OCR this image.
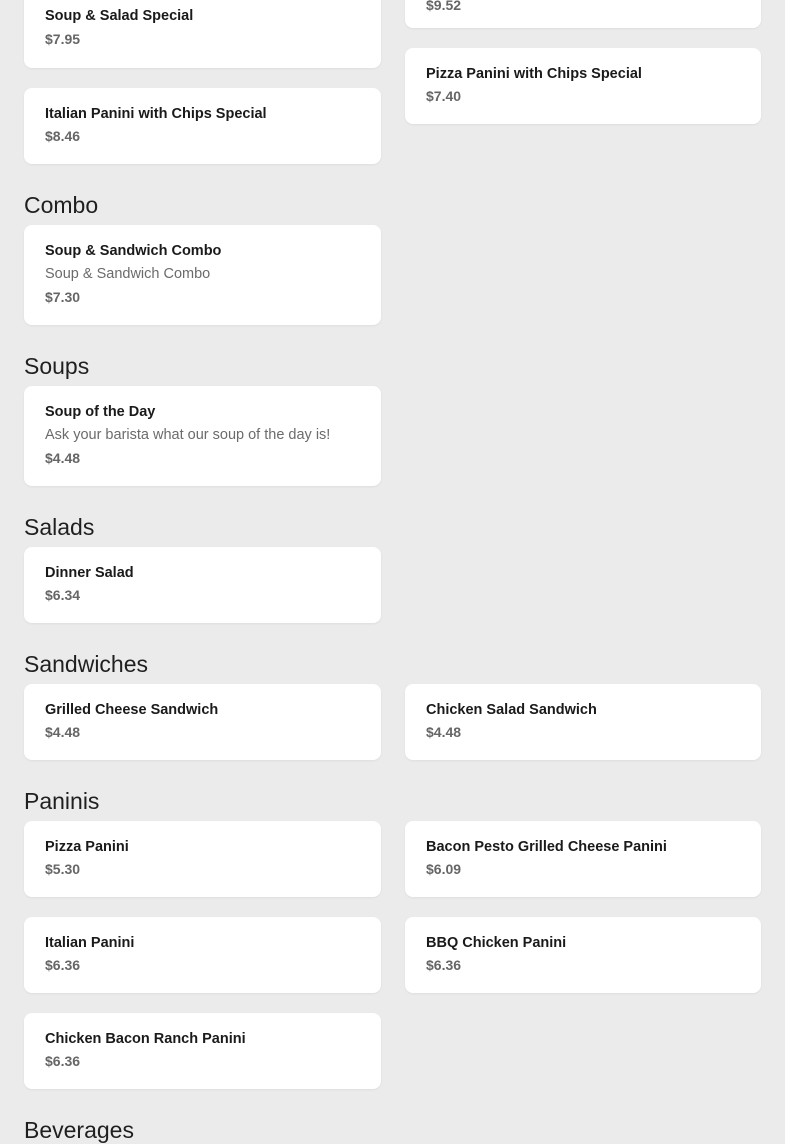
Soup & Salad Special
$7.95
$9.52
Pizza Panini with Chips Special
$7.40
Italian Panini with Chips Special
$8.46
Combo
Soup & Sandwich Combo
Soup & Sandwich Combo
$7.30
Soups
Soup of the Day
Ask your barista what our soup of the day is!
$4.48
Salads
Dinner Salad
$6.34
Sandwiches
Grilled Cheese Sandwich
$4.48
Chicken Salad Sandwich
$4.48
Paninis
Pizza Panini
$5.30
Bacon Pesto Grilled Cheese Panini
$6.09
Italian Panini
$6.36
BBQ Chicken Panini
$6.36
Chicken Bacon Ranch Panini
$6.36
Beverages
